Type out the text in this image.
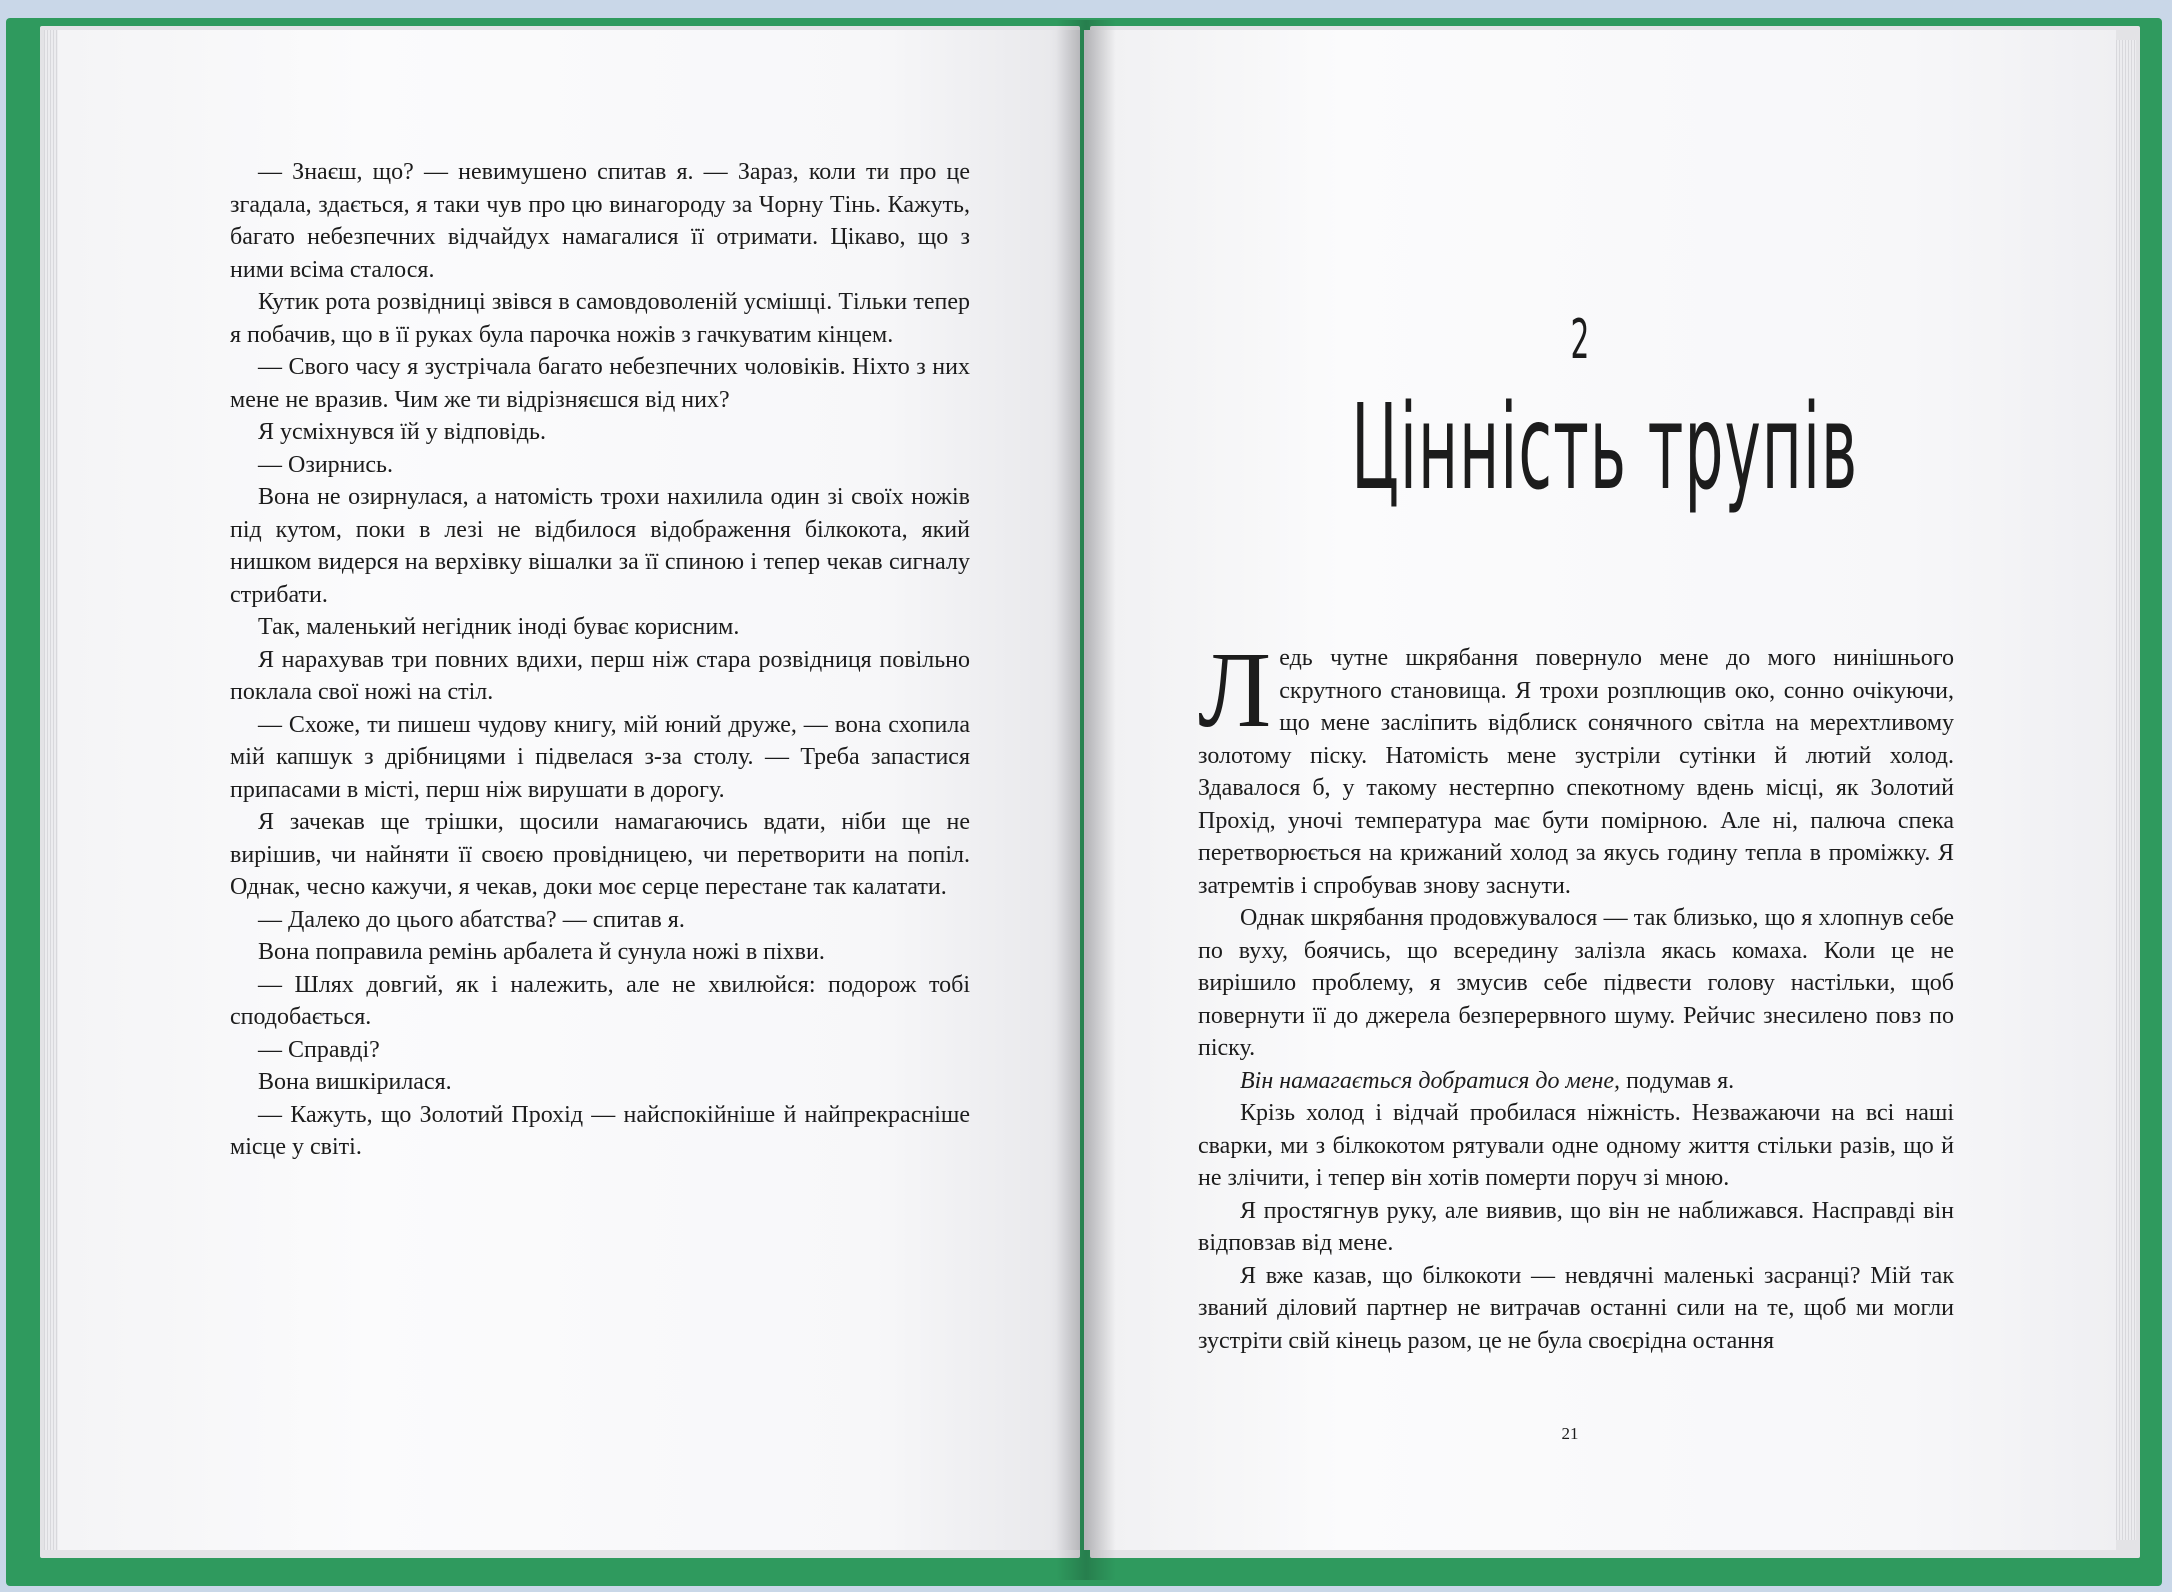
— Знаєш, що? — невимушено спитав я. — Зараз, коли ти про це згадала, здається, я таки чув про цю винагороду за Чорну Тінь. Кажуть, багато небезпечних відчайдух намагалися її отримати. Цікаво, що з ними всіма сталося.

Кутик рота розвідниці звівся в самовдоволеній усмішці. Тільки тепер я побачив, що в її руках була парочка ножів з гачкуватим кінцем.

— Свого часу я зустрічала багато небезпечних чоловіків. Ніхто з них мене не вразив. Чим же ти відрізняєшся від них?

Я усміхнувся їй у відповідь.

— Озирнись.

Вона не озирнулася, а натомість трохи нахилила один зі своїх ножів під кутом, поки в лезі не відбилося відображення білкокота, який нишком видерся на верхівку вішалки за її спиною і тепер чекав сигналу стрибати.

Так, маленький негідник іноді буває корисним.

Я нарахував три повних вдихи, перш ніж стара розвідниця повільно поклала свої ножі на стіл.

— Схоже, ти пишеш чудову книгу, мій юний друже, — вона схопила мій капшук з дрібницями і підвелася з-за столу. — Треба запастися припасами в місті, перш ніж вирушати в дорогу.

Я зачекав ще трішки, щосили намагаючись вдати, ніби ще не вирішив, чи найняти її своєю провідницею, чи перетворити на попіл. Однак, чесно кажучи, я чекав, доки моє серце перестане так калатати.

— Далеко до цього абатства? — спитав я.

Вона поправила ремінь арбалета й сунула ножі в піхви.

— Шлях довгий, як і належить, але не хвилюйся: подорож тобі сподобається.

— Справді?

Вона вишкірилася.

— Кажуть, що Золотий Прохід — найспокійніше й найпрекрасніше місце у світі.

2
Цінність трупів

Ледь чутне шкрябання повернуло мене до мого нинішнього скрутного становища. Я трохи розплющив око, сонно очікуючи, що мене засліпить відблиск сонячного світла на мерехтливому золотому піску. Натомість мене зустріли сутінки й лютий холод. Здавалося б, у такому нестерпно спекотному вдень місці, як Золотий Прохід, уночі температура має бути помірною. Але ні, палюча спека перетворюється на крижаний холод за якусь годину тепла в проміжку. Я затремтів і спробував знову заснути.

Однак шкрябання продовжувалося — так близько, що я хлопнув себе по вуху, боячись, що всередину залізла якась комаха. Коли це не вирішило проблему, я змусив себе підвести голову настільки, щоб повернути її до джерела безперервного шуму. Рейчис знесилено повз по піску.

Він намагається добратися до мене, подумав я.

Крізь холод і відчай пробилася ніжність. Незважаючи на всі наші сварки, ми з білкокотом рятували одне одному життя стільки разів, що й не злічити, і тепер він хотів померти поруч зі мною.

Я простягнув руку, але виявив, що він не наближався. Насправді він відповзав від мене.

Я вже казав, що білкокоти — невдячні маленькі засранці? Мій так званий діловий партнер не витрачав останні сили на те, щоб ми могли зустріти свій кінець разом, це не була своєрідна остання

21
